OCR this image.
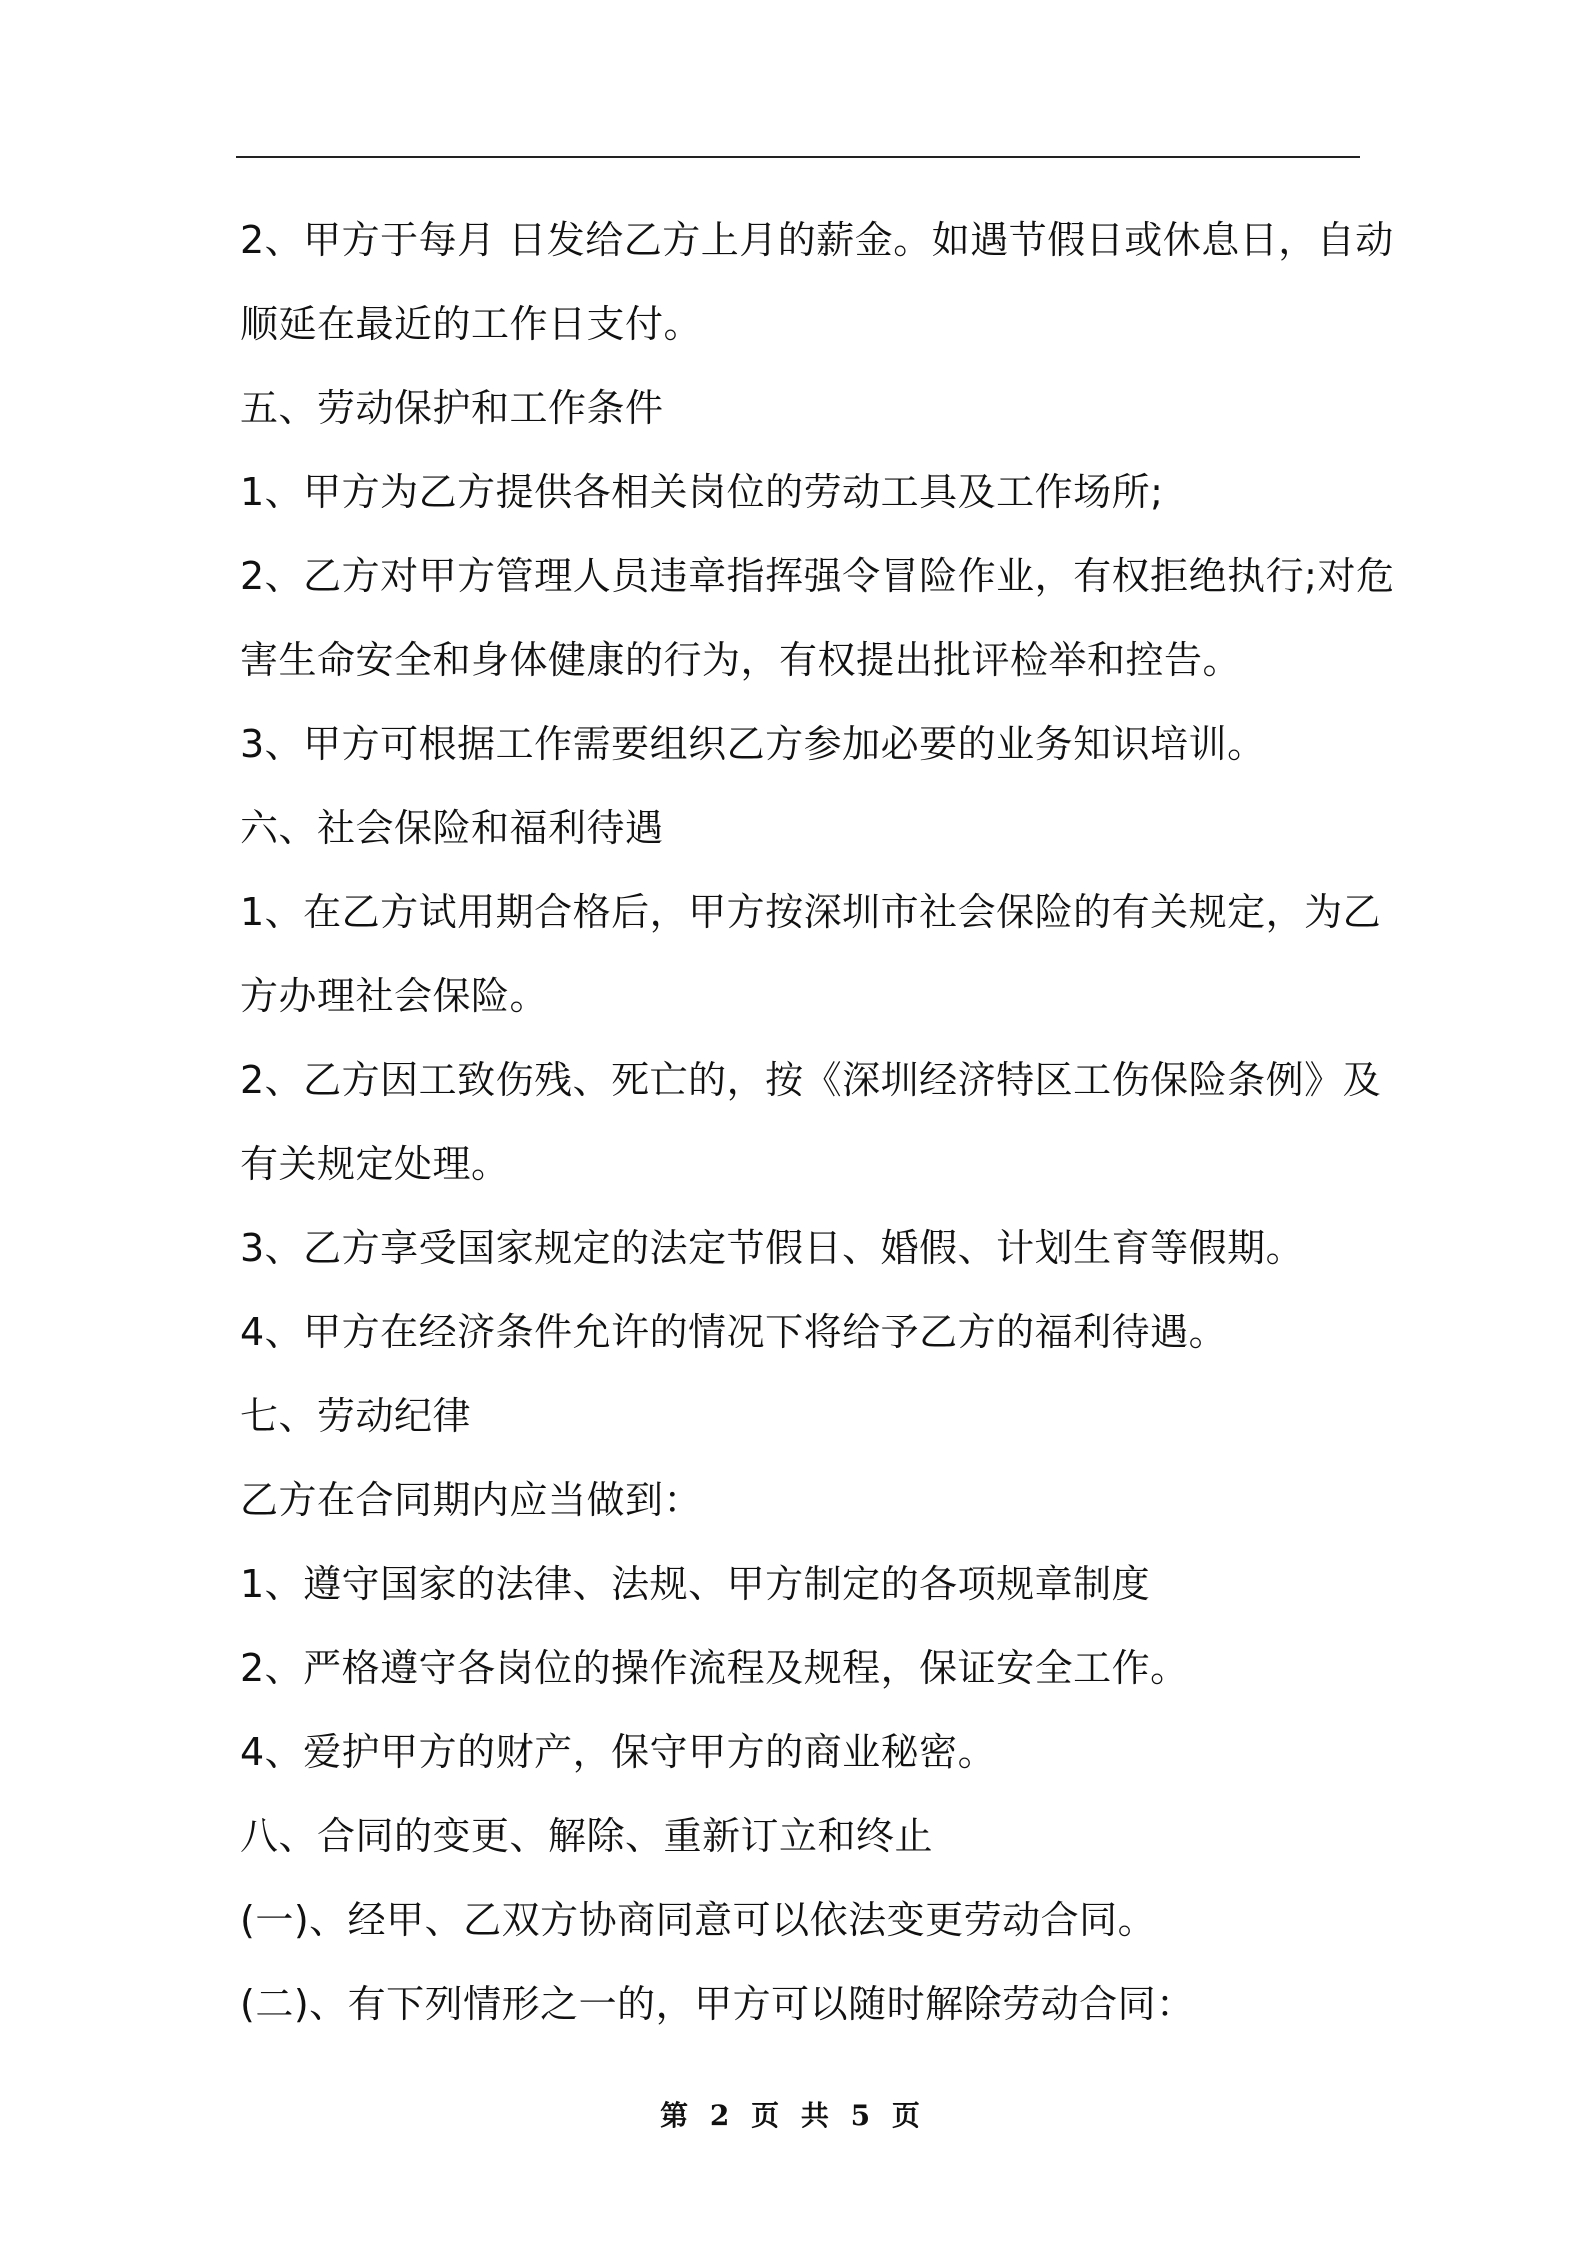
2、甲方于每月 日发给乙方上月的薪金。如遇节假日或休息日，自动
顺延在最近的工作日支付。
五、劳动保护和工作条件
1、甲方为乙方提供各相关岗位的劳动工具及工作场所;
2、乙方对甲方管理人员违章指挥强令冒险作业，有权拒绝执行;对危
害生命安全和身体健康的行为，有权提出批评检举和控告。
3、甲方可根据工作需要组织乙方参加必要的业务知识培训。
六、社会保险和福利待遇
1、在乙方试用期合格后，甲方按深圳市社会保险的有关规定，为乙
方办理社会保险。
2、乙方因工致伤残、死亡的，按《深圳经济特区工伤保险条例》及
有关规定处理。
3、乙方享受国家规定的法定节假日、婚假、计划生育等假期。
4、甲方在经济条件允许的情况下将给予乙方的福利待遇。
七、劳动纪律
乙方在合同期内应当做到：
1、遵守国家的法律、法规、甲方制定的各项规章制度
2、严格遵守各岗位的操作流程及规程，保证安全工作。
4、爱护甲方的财产，保守甲方的商业秘密。
八、合同的变更、解除、重新订立和终止
(一)、经甲、乙双方协商同意可以依法变更劳动合同。
(二)、有下列情形之一的，甲方可以随时解除劳动合同：
第 2 页 共 5 页
